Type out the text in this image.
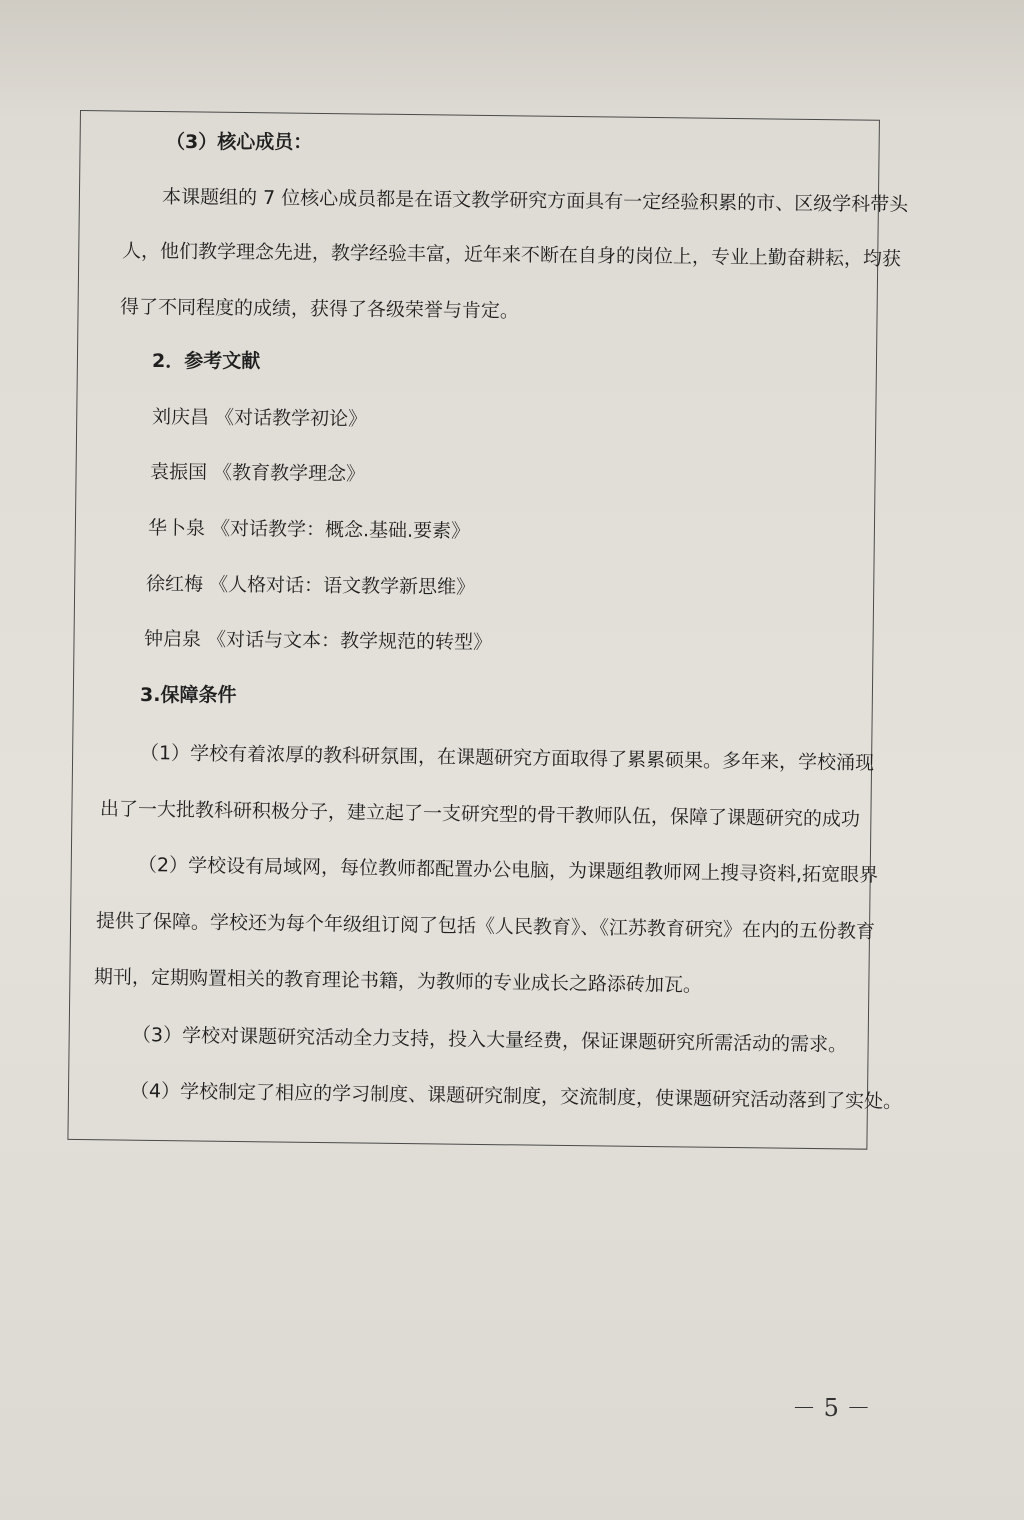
（3）核心成员：
本课题组的 7 位核心成员都是在语文教学研究方面具有一定经验积累的市、区级学科带头
人，他们教学理念先进，教学经验丰富，近年来不断在自身的岗位上，专业上勤奋耕耘，均获
得了不同程度的成绩，获得了各级荣誉与肯定。
2．参考文献
刘庆昌 《对话教学初论》
袁振国 《教育教学理念》
华卜泉 《对话教学：概念.基础.要素》
徐红梅 《人格对话：语文教学新思维》
钟启泉 《对话与文本：教学规范的转型》
3.保障条件
（1）学校有着浓厚的教科研氛围，在课题研究方面取得了累累硕果。多年来，学校涌现
出了一大批教科研积极分子，建立起了一支研究型的骨干教师队伍，保障了课题研究的成功
（2）学校设有局域网，每位教师都配置办公电脑，为课题组教师网上搜寻资料,拓宽眼界
提供了保障。学校还为每个年级组订阅了包括《人民教育》、《江苏教育研究》在内的五份教育
期刊，定期购置相关的教育理论书籍，为教师的专业成长之路添砖加瓦。
（3）学校对课题研究活动全力支持，投入大量经费，保证课题研究所需活动的需求。
（4）学校制定了相应的学习制度、课题研究制度，交流制度，使课题研究活动落到了实处。
－ 5 －
